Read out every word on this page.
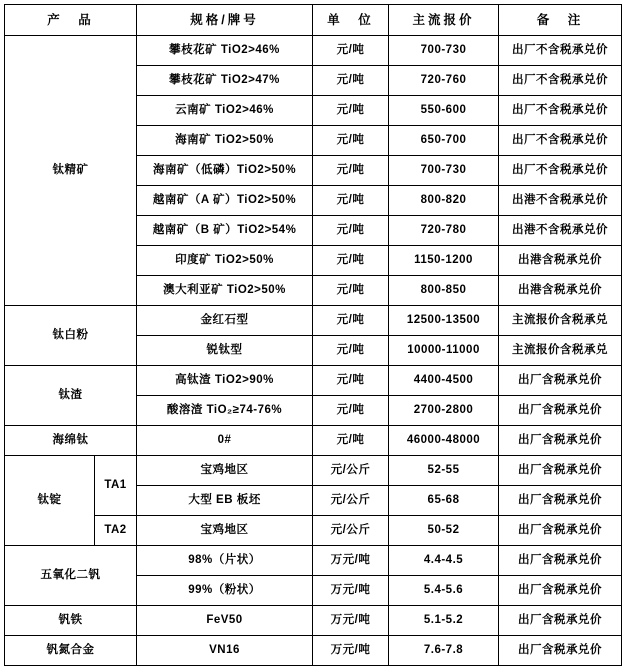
产　品		规格/牌号	单　位	主流报价	备　注
钛精矿		攀枝花矿 TiO2>46%	元/吨	700-730	出厂不含税承兑价
		攀枝花矿 TiO2>47%	元/吨	720-760	出厂不含税承兑价
		云南矿 TiO2>46%	元/吨	550-600	出厂不含税承兑价
		海南矿 TiO2>50%	元/吨	650-700	出厂不含税承兑价
		海南矿（低磷）TiO2>50%	元/吨	700-730	出厂不含税承兑价
		越南矿（A 矿）TiO2>50%	元/吨	800-820	出港不含税承兑价
		越南矿（B 矿）TiO2>54%	元/吨	720-780	出港不含税承兑价
		印度矿 TiO2>50%	元/吨	1150-1200	出港含税承兑价
		澳大利亚矿 TiO2>50%	元/吨	800-850	出港含税承兑价
钛白粉		金红石型	元/吨	12500-13500	主流报价含税承兑
		锐钛型	元/吨	10000-11000	主流报价含税承兑
钛渣		高钛渣 TiO2>90%	元/吨	4400-4500	出厂含税承兑价
		酸溶渣 TiO₂≥74-76%	元/吨	2700-2800	出厂含税承兑价
海绵钛		0#	元/吨	46000-48000	出厂含税承兑价
钛锭	TA1	宝鸡地区	元/公斤	52-55	出厂含税承兑价
		大型 EB 板坯	元/公斤	65-68	出厂含税承兑价
	TA2	宝鸡地区	元/公斤	50-52	出厂含税承兑价
五氧化二钒		98%（片状）	万元/吨	4.4-4.5	出厂含税承兑价
		99%（粉状）	万元/吨	5.4-5.6	出厂含税承兑价
钒铁		FeV50	万元/吨	5.1-5.2	出厂含税承兑价
钒氮合金		VN16	万元/吨	7.6-7.8	出厂含税承兑价
